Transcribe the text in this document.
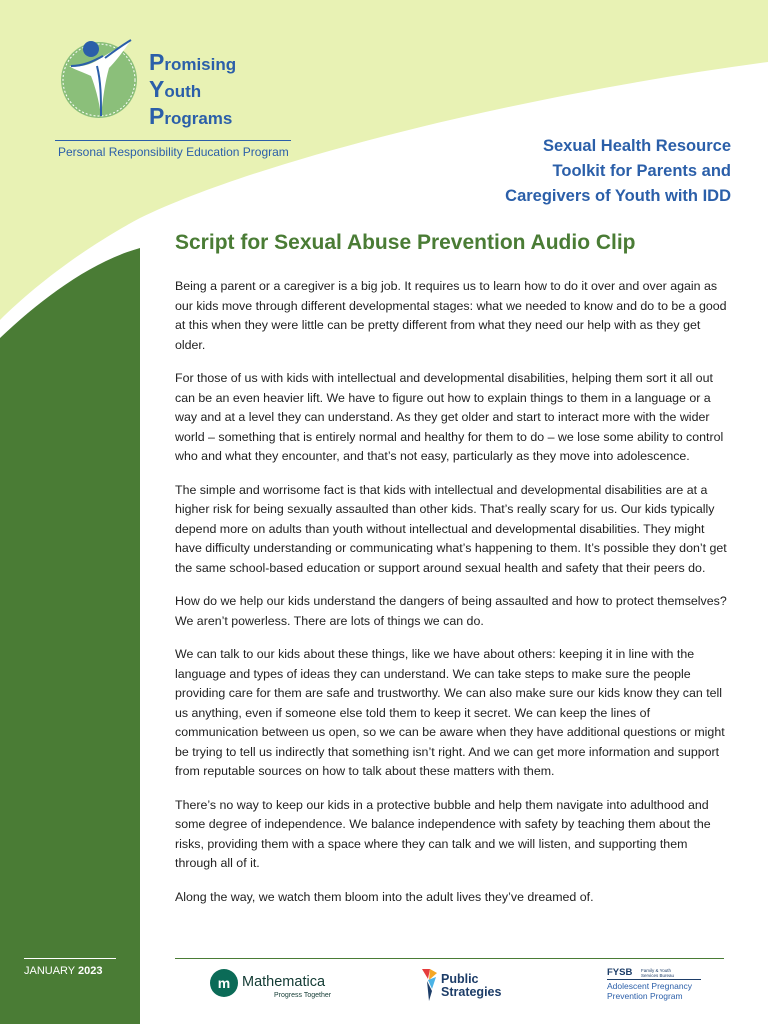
Promising
Youth
Programs
Personal Responsibility Education Program	Sexual Health Resource
Toolkit for Parents and
Caregivers of Youth with IDD
Script for Sexual Abuse Prevention Audio Clip

Being a parent or a caregiver is a big job. It requires us to learn how to do it over and over again as our kids move through different developmental stages: what we needed to know and do to be a good at this when they were little can be pretty different from what they need our help with as they get older.

For those of us with kids with intellectual and developmental disabilities, helping them sort it all out can be an even heavier lift. We have to figure out how to explain things to them in a language or a way and at a level they can understand. As they get older and start to interact more with the wider world – something that is entirely normal and healthy for them to do – we lose some ability to control who and what they encounter, and that’s not easy, particularly as they move into adolescence.

The simple and worrisome fact is that kids with intellectual and developmental disabilities are at a higher risk for being sexually assaulted than other kids. That’s really scary for us. Our kids typically depend more on adults than youth without intellectual and developmental disabilities. They might have difficulty understanding or communicating what’s happening to them. It’s possible they don’t get the same school-based education or support around sexual health and safety that their peers do.

How do we help our kids understand the dangers of being assaulted and how to protect themselves? We aren’t powerless. There are lots of things we can do.

We can talk to our kids about these things, like we have about others: keeping it in line with the language and types of ideas they can understand. We can take steps to make sure the people providing care for them are safe and trustworthy. We can also make sure our kids know they can tell us anything, even if someone else told them to keep it secret. We can keep the lines of communication between us open, so we can be aware when they have additional questions or might be trying to tell us indirectly that something isn’t right. And we can get more information and support from reputable sources on how to talk about these matters with them.

There’s no way to keep our kids in a protective bubble and help them navigate into adulthood and some degree of independence. We balance independence with safety by teaching them about the risks, providing them with a space where they can talk and we will listen, and supporting them through all of it.

Along the way, we watch them bloom into the adult lives they’ve dreamed of.

JANUARY 2023
m Mathematica
Progress Together
Public
Strategies
FYSB Family & Youth
Services Bureau
Adolescent Pregnancy
Prevention Program
